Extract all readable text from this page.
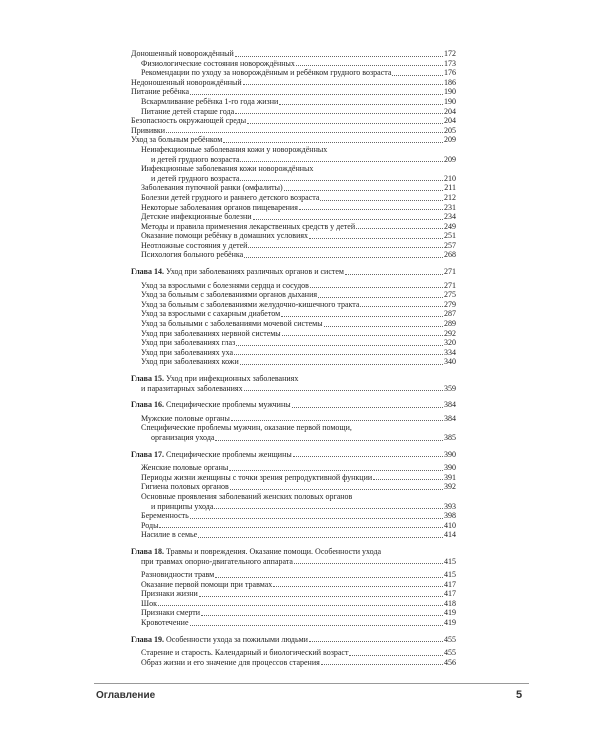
Доношенный новорождённый	172
Физиологические состояния новорождённых	173
Рекомендации по уходу за новорождённым и ребёнком грудного возраста	176
Недоношенный новорождённый	186
Питание ребёнка	190
Вскармливание ребёнка 1-го года жизни	190
Питание детей старше года	204
Безопасность окружающей среды	204
Прививки	205
Уход за больным ребёнком	209
Неинфекционные заболевания кожи у новорождённых
и детей грудного возраста	209
Инфекционные заболевания кожи новорождённых
и детей грудного возраста	210
Заболевания пупочной ранки (омфалиты)	211
Болезни детей грудного и раннего детского возраста	212
Некоторые заболевания органов пищеварения	231
Детские инфекционные болезни	234
Методы и правила применения лекарственных средств у детей	249
Оказание помощи ребёнку в домашних условиях	251
Неотложные состояния у детей	257
Психология больного ребёнка	268
Глава 14. Уход при заболеваниях различных органов и систем	271
Уход за взрослыми с болезнями сердца и сосудов	271
Уход за больным с заболеваниями органов дыхания	275
Уход за больным с заболеваниями желудочно-кишечного тракта	279
Уход за взрослыми с сахарным диабетом	287
Уход за больными с заболеваниями мочевой системы	289
Уход при заболеваниях нервной системы	292
Уход при заболеваниях глаз	320
Уход при заболеваниях уха	334
Уход при заболеваниях кожи	340
Глава 15. Уход при инфекционных заболеваниях
и паразитарных заболеваниях	359
Глава 16. Специфические проблемы мужчины	384
Мужские половые органы	384
Специфические проблемы мужчин, оказание первой помощи,
организация ухода	385
Глава 17. Специфические проблемы женщины	390
Женские половые органы	390
Периоды жизни женщины с точки зрения репродуктивной функции	391
Гигиена половых органов	392
Основные проявления заболеваний женских половых органов
и принципы ухода	393
Беременность	398
Роды	410
Насилие в семье	414
Глава 18. Травмы и повреждения. Оказание помощи. Особенности ухода
при травмах опорно-двигательного аппарата	415
Разновидности травм	415
Оказание первой помощи при травмах	417
Признаки жизни	417
Шок	418
Признаки смерти	419
Кровотечение	419
Глава 19. Особенности ухода за пожилыми людьми	455
Старение и старость. Календарный и биологический возраст	455
Образ жизни и его значение для процессов старения	456
Оглавление	5
